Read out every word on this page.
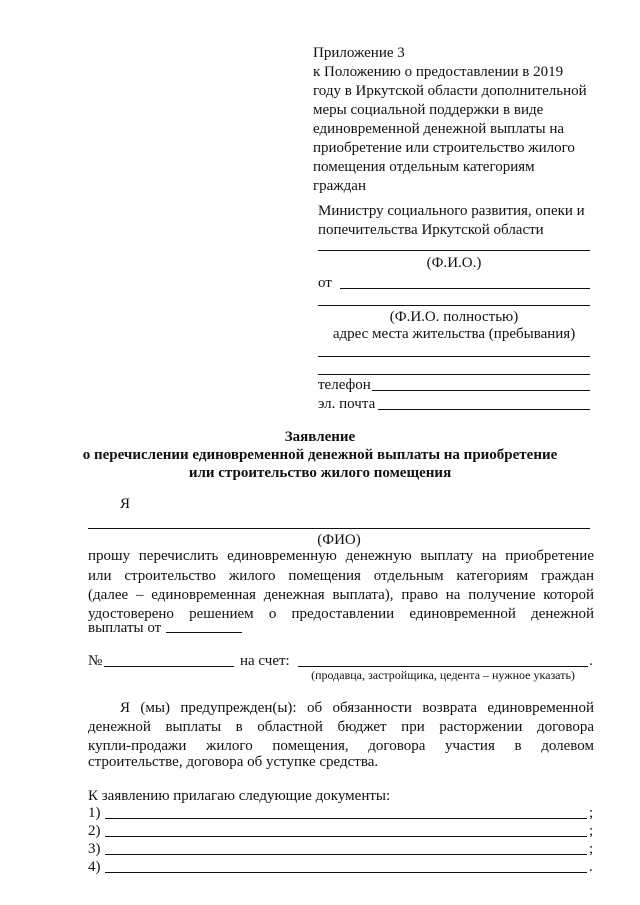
Приложение 3
к Положению о предоставлении в 2019
году в Иркутской области дополнительной
меры социальной поддержки в виде
единовременной денежной выплаты на
приобретение или строительство жилого
помещения отдельным категориям
граждан
Министру социального развития, опеки и
попечительства Иркутской области
(Ф.И.О.)
от
(Ф.И.О. полностью)
адрес места жительства (пребывания)
телефон
эл. почта
Заявление
о перечислении единовременной денежной выплаты на приобретение
или строительство жилого помещения
Я
(ФИО)
прошу перечислить единовременную денежную выплату на приобретение
или строительство жилого помещения отдельным категориям граждан
(далее – единовременная денежная выплата), право на получение которой
удостоверено решением о предоставлении единовременной денежной
выплаты от
№	на счет:	.
(продавца, застройщика, цедента – нужное указать)
Я (мы) предупрежден(ы): об обязанности возврата единовременной
денежной выплаты в областной бюджет при расторжении договора
купли-продажи жилого помещения, договора участия в долевом
строительстве, договора об уступке средства.
К заявлению прилагаю следующие документы:
1)	;
2)	;
3)	;
4)	.
